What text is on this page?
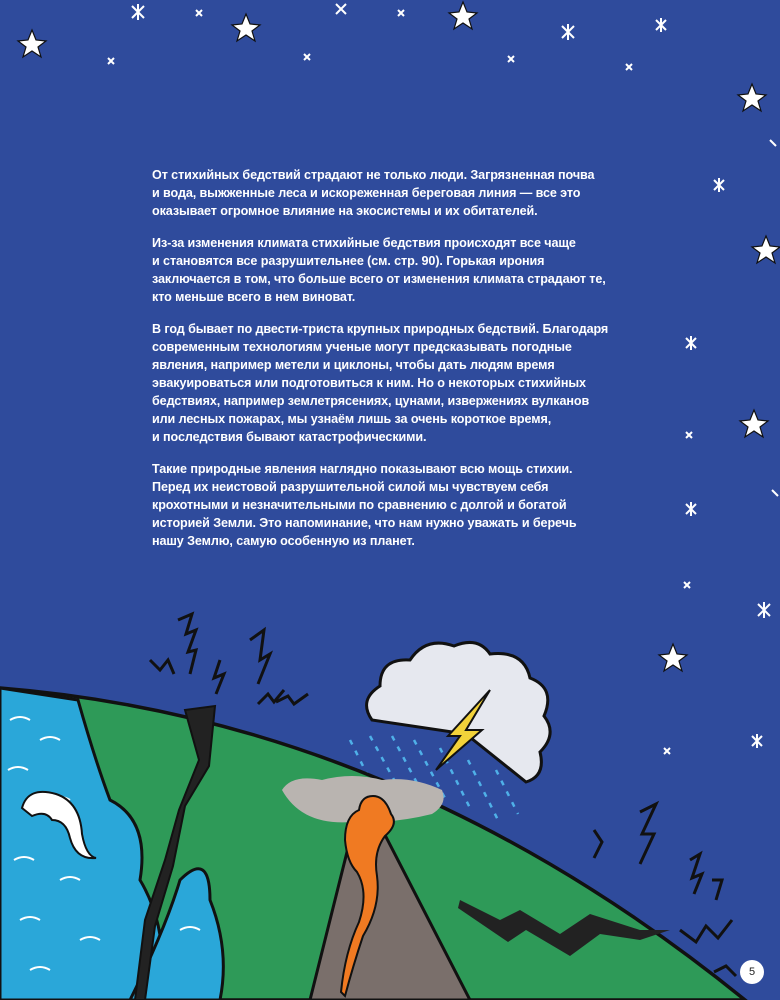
От стихийных бедствий страдают не только люди. Загрязненная почва
и вода, выжженные леса и искореженная береговая линия — все это
оказывает огромное влияние на экосистемы и их обитателей.

Из-за изменения климата стихийные бедствия происходят все чаще
и становятся все разрушительнее (см. стр. 90). Горькая ирония
заключается в том, что больше всего от изменения климата страдают те,
кто меньше всего в нем виноват.

В год бывает по двести-триста крупных природных бедствий. Благодаря
современным технологиям ученые могут предсказывать погодные
явления, например метели и циклоны, чтобы дать людям время
эвакуироваться или подготовиться к ним. Но о некоторых стихийных
бедствиях, например землетрясениях, цунами, извержениях вулканов
или лесных пожарах, мы узнаём лишь за очень короткое время,
и последствия бывают катастрофическими.

Такие природные явления наглядно показывают всю мощь стихии.
Перед их неистовой разрушительной силой мы чувствуем себя
крохотными и незначительными по сравнению с долгой и богатой
историей Земли. Это напоминание, что нам нужно уважать и беречь
нашу Землю, самую особенную из планет.

5
